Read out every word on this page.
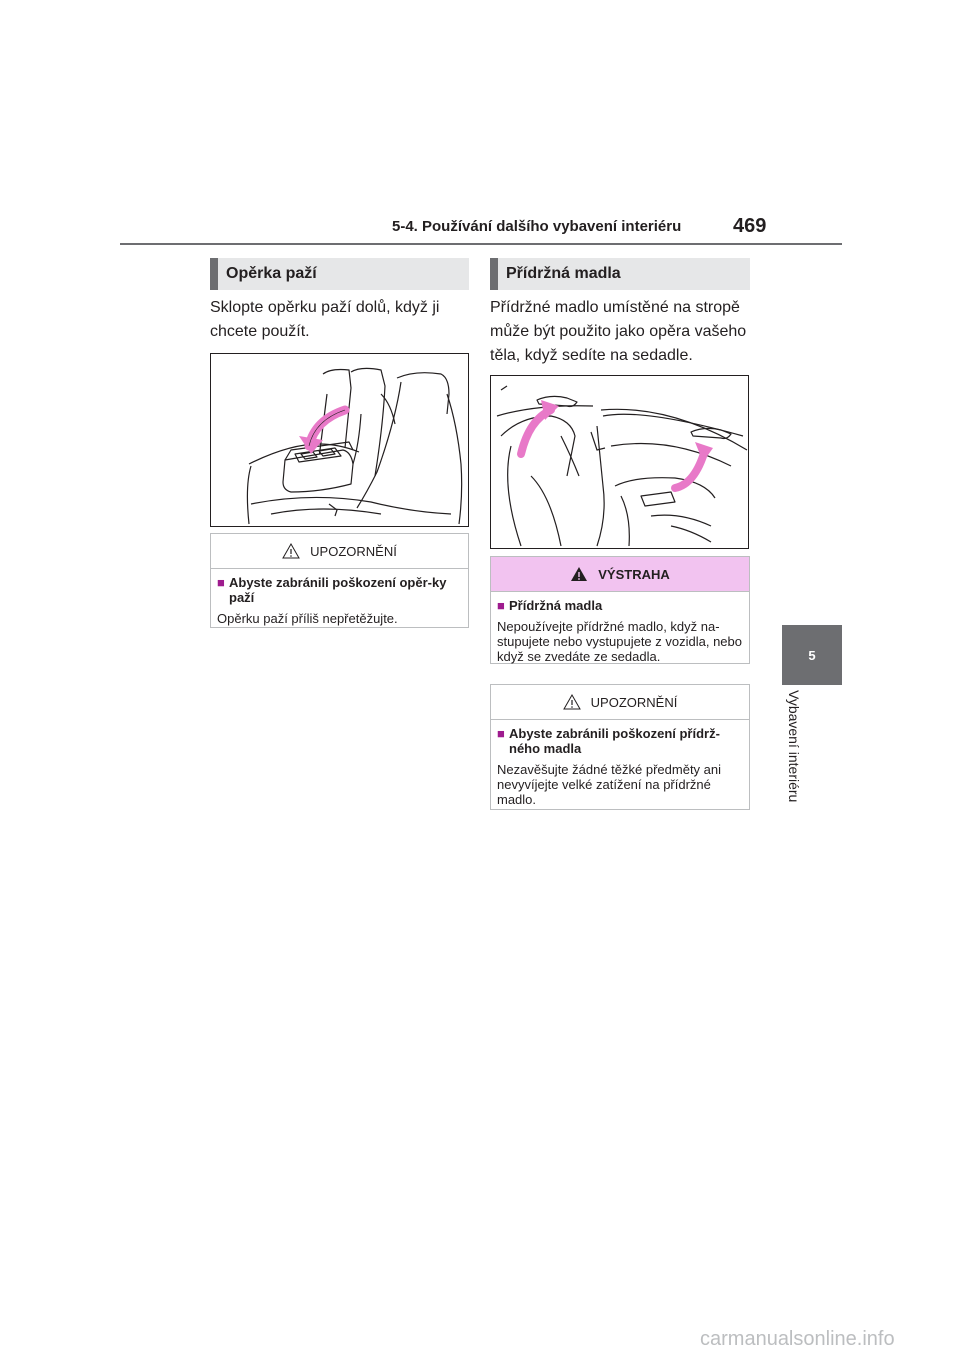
5-4. Používání dalšího vybavení interiéru	469
5
Vybavení interiéru
Opěrka paží
Sklopte opěrku paží dolů, když ji chcete použít.
UPOZORNĚNÍ
■ Abyste zabránili poškození opěr-ky paží

Opěrku paží příliš nepřetěžujte.

Přídržná madla
Přídržné madlo umístěné na stropě může být použito jako opěra vašeho těla, když sedíte na sedadle.
VÝSTRAHA
■ Přídržná madla

Nepoužívejte přídržné madlo, když na-stupujete nebo vystupujete z vozidla, nebo když se zvedáte ze sedadla.

UPOZORNĚNÍ
■ Abyste zabránili poškození přídrž-ného madla

Nezavěšujte žádné těžké předměty ani nevyvíjejte velké zatížení na přídržné madlo.

carmanualsonline.info
